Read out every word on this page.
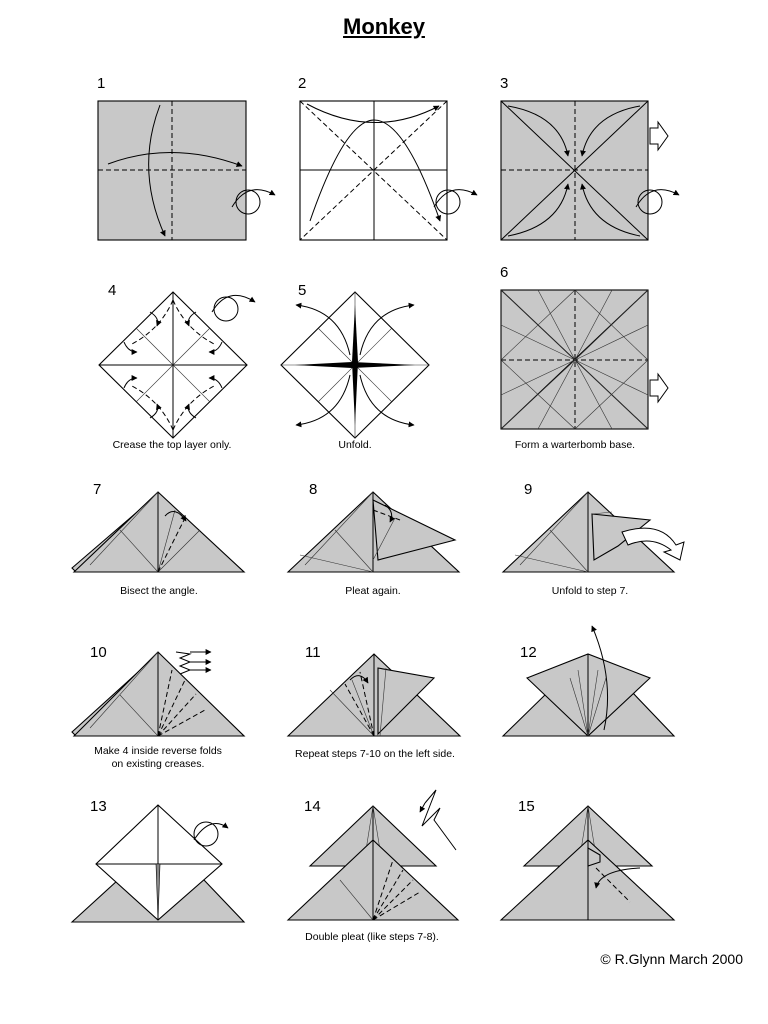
Monkey
1	2	3
4	5
6
7	8	9
10	11	12
13	14	15
Crease the top layer only.	Unfold.	Form a warterbomb base.
Bisect the angle.	Pleat again.	Unfold to step 7.
Make 4 inside reverse folds
on existing creases.
Repeat steps 7-10 on the left side.
Double pleat (like steps 7-8).
© R.Glynn March 2000
